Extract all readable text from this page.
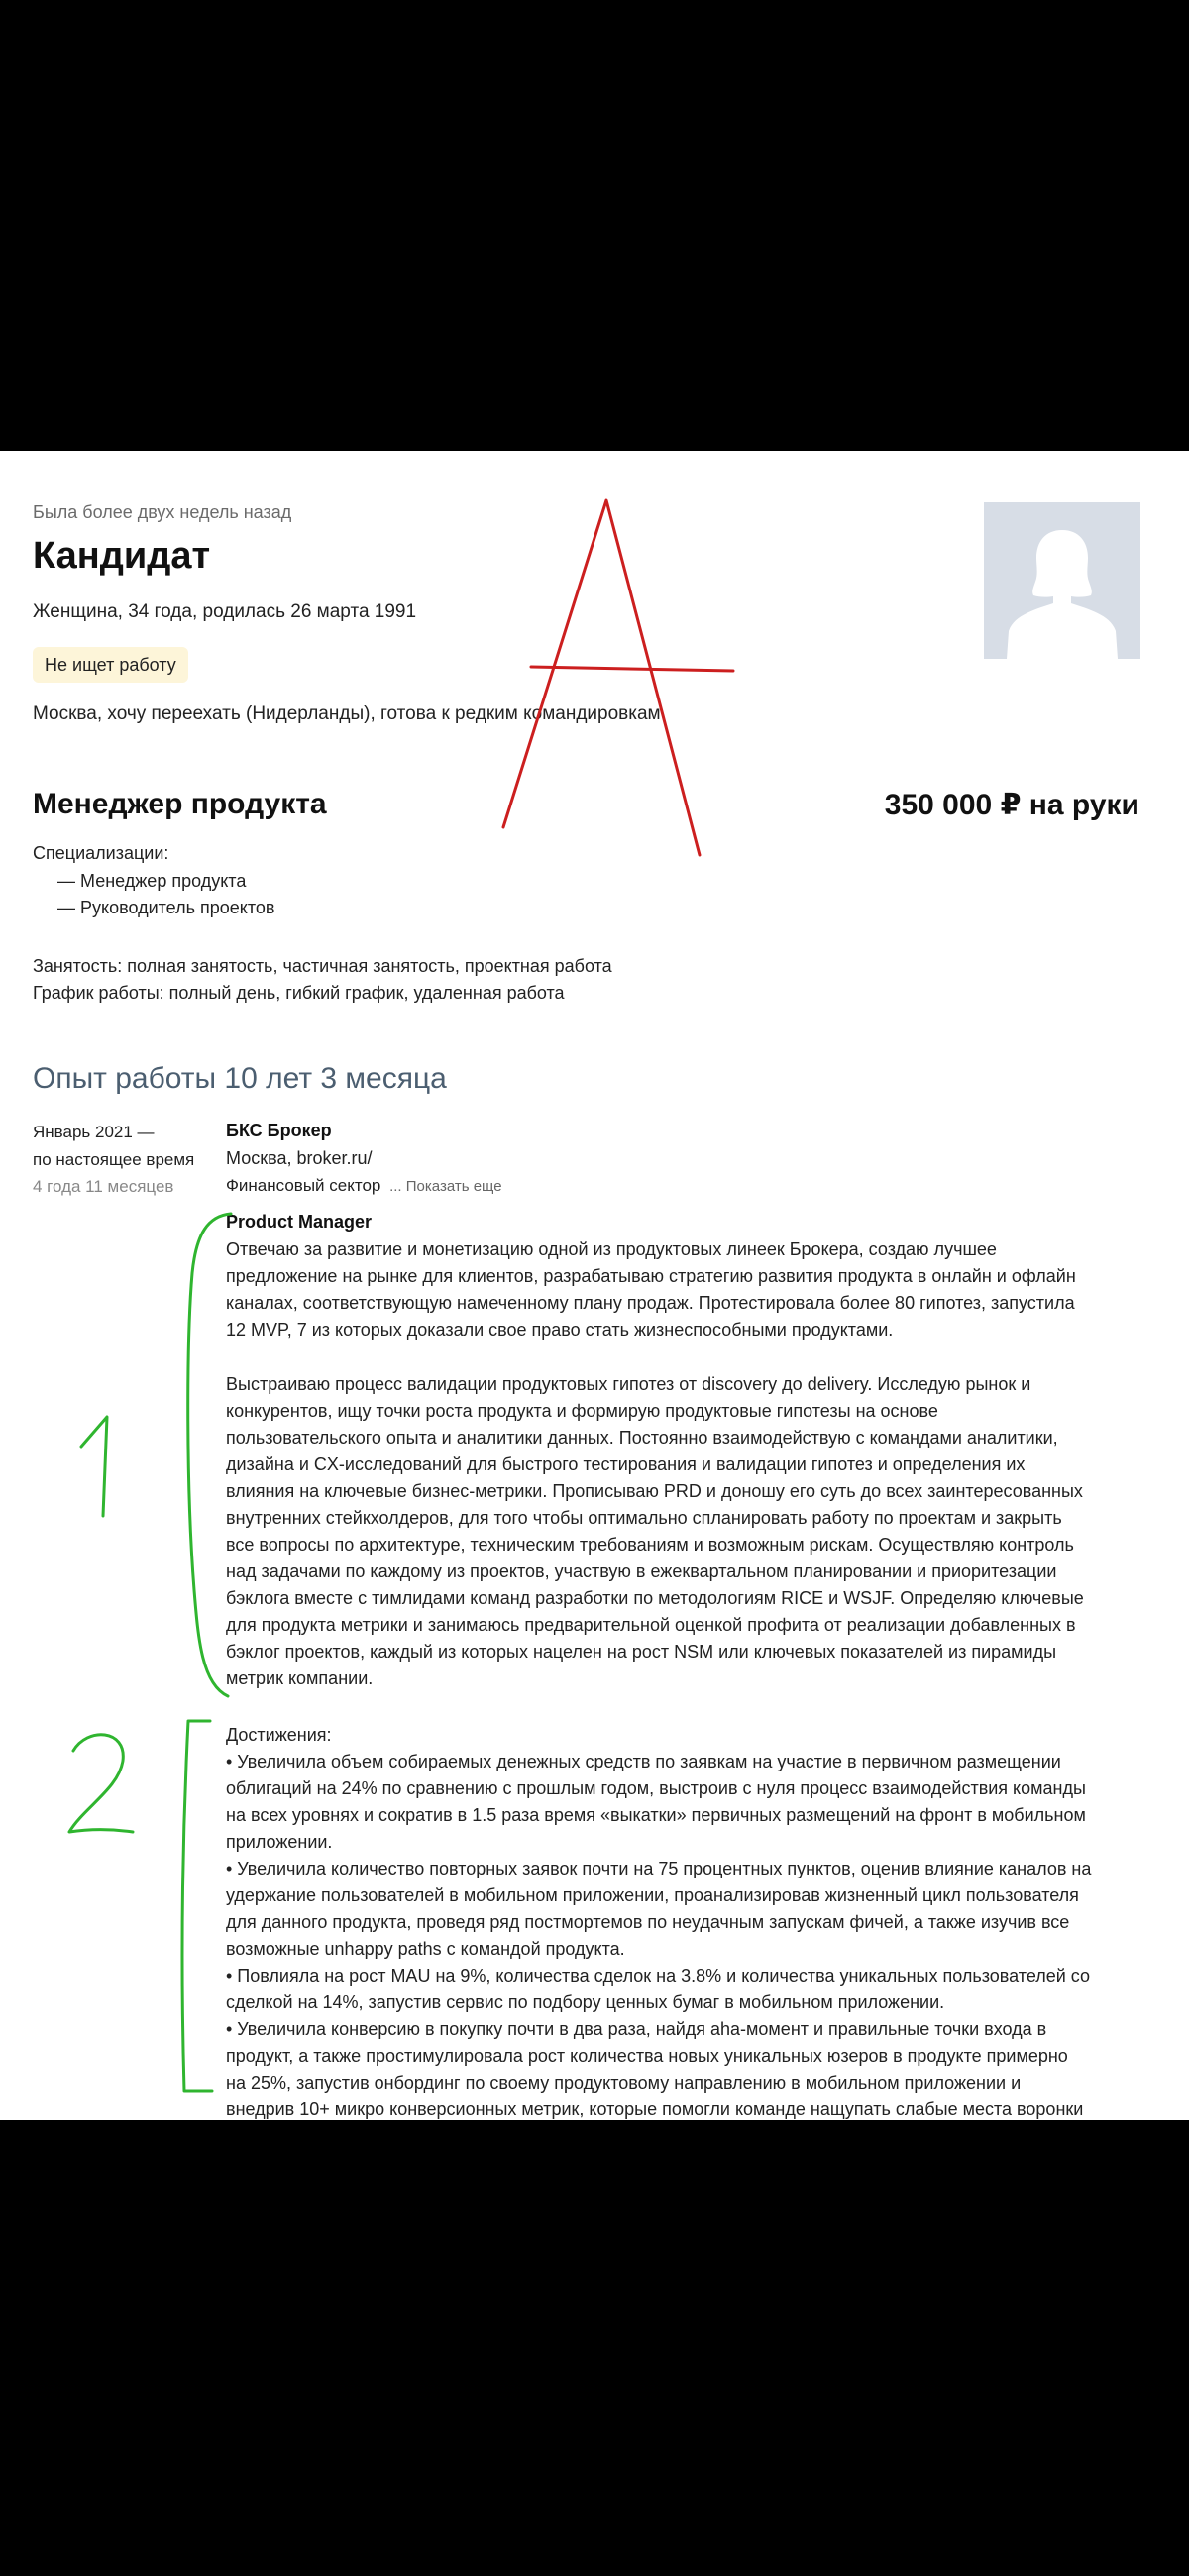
Была более двух недель назад
Кандидат
Женщина, 34 года, родилась 26 марта 1991
Не ищет работу
Москва, хочу переехать (Нидерланды), готова к редким командировкам
Менеджер продукта	350 000 ₽ на руки
Специализации:
— Менеджер продукта
— Руководитель проектов
Занятость: полная занятость, частичная занятость, проектная работа
График работы: полный день, гибкий график, удаленная работа
Опыт работы 10 лет 3 месяца
Январь 2021 —
по настоящее время
4 года 11 месяцев
БКС Брокер
Москва, broker.ru/
Финансовый сектор ... Показать еще
Product Manager
Отвечаю за развитие и монетизацию одной из продуктовых линеек Брокера, создаю лучшее
предложение на рынке для клиентов, разрабатываю стратегию развития продукта в онлайн и офлайн
каналах, соответствующую намеченному плану продаж. Протестировала более 80 гипотез, запустила
12 MVP, 7 из которых доказали свое право стать жизнеспособными продуктами.
Выстраиваю процесс валидации продуктовых гипотез от discovery до delivery. Исследую рынок и
конкурентов, ищу точки роста продукта и формирую продуктовые гипотезы на основе
пользовательского опыта и аналитики данных. Постоянно взаимодействую с командами аналитики,
дизайна и CX-исследований для быстрого тестирования и валидации гипотез и определения их
влияния на ключевые бизнес-метрики. Прописываю PRD и доношу его суть до всех заинтересованных
внутренних стейкхолдеров, для того чтобы оптимально спланировать работу по проектам и закрыть
все вопросы по архитектуре, техническим требованиям и возможным рискам. Осуществляю контроль
над задачами по каждому из проектов, участвую в ежеквартальном планировании и приоритезации
бэклога вместе с тимлидами команд разработки по методологиям RICE и WSJF. Определяю ключевые
для продукта метрики и занимаюсь предварительной оценкой профита от реализации добавленных в
бэклог проектов, каждый из которых нацелен на рост NSM или ключевых показателей из пирамиды
метрик компании.
Достижения:
• Увеличила объем собираемых денежных средств по заявкам на участие в первичном размещении
облигаций на 24% по сравнению с прошлым годом, выстроив с нуля процесс взаимодействия команды
на всех уровнях и сократив в 1.5 раза время «выкатки» первичных размещений на фронт в мобильном
приложении.
• Увеличила количество повторных заявок почти на 75 процентных пунктов, оценив влияние каналов на
удержание пользователей в мобильном приложении, проанализировав жизненный цикл пользователя
для данного продукта, проведя ряд постмортемов по неудачным запускам фичей, а также изучив все
возможные unhappy paths с командой продукта.
• Повлияла на рост MAU на 9%, количества сделок на 3.8% и количества уникальных пользователей со
сделкой на 14%, запустив сервис по подбору ценных бумаг в мобильном приложении.
• Увеличила конверсию в покупку почти в два раза, найдя aha-момент и правильные точки входа в
продукт, а также простимулировала рост количества новых уникальных юзеров в продукте примерно
на 25%, запустив онбординг по своему продуктовому направлению в мобильном приложении и
внедрив 10+ микро конверсионных метрик, которые помогли команде нащупать слабые места воронки
